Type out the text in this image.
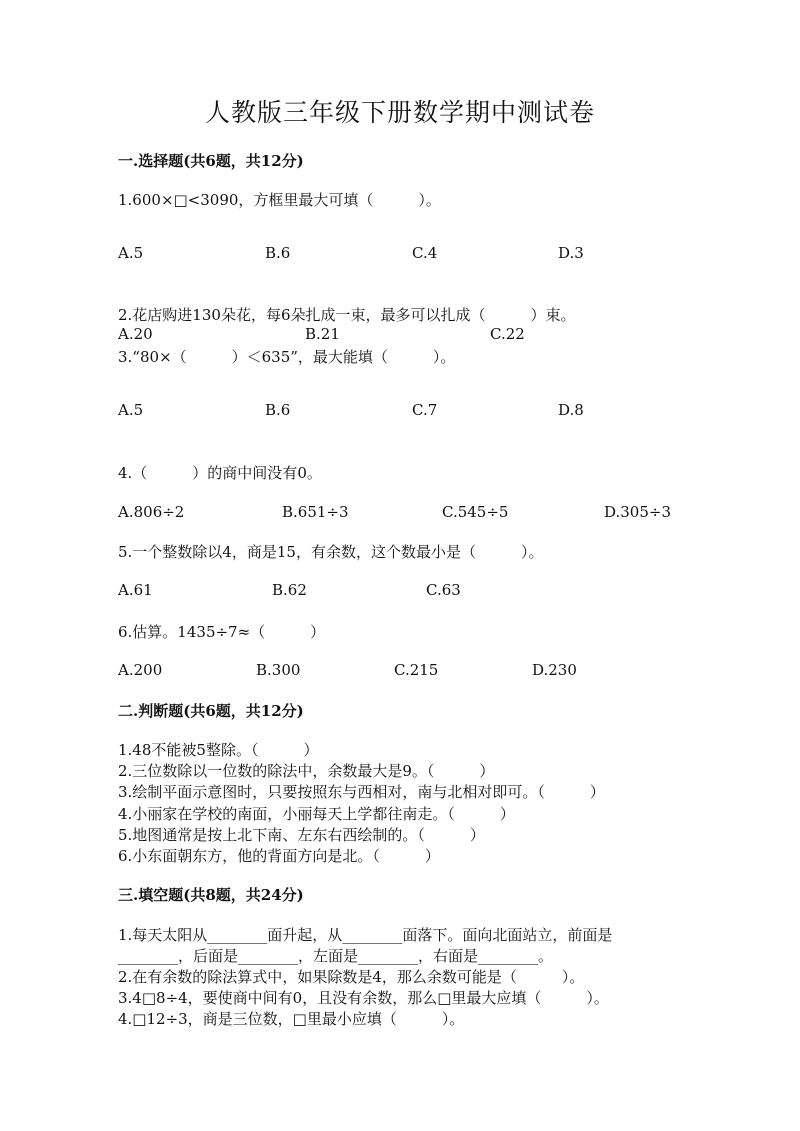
人教版三年级下册数学期中测试卷
一.选择题(共6题，共12分)
1.600×□<3090，方框里最大可填（　　　）。
A.5	B.6	C.4	D.3
2.花店购进130朵花，每6朵扎成一束，最多可以扎成（　　　）束。
A.20	B.21	C.22
3.“80×（　　　）＜635”，最大能填（　　　）。
A.5	B.6	C.7	D.8
4.（　　　）的商中间没有0。
A.806÷2	B.651÷3	C.545÷5	D.305÷3
5.一个整数除以4，商是15，有余数，这个数最小是（　　　）。
A.61	B.62	C.63
6.估算。1435÷7≈（　　　）
A.200	B.300	C.215	D.230
二.判断题(共6题，共12分)
1.48不能被5整除。（　　　）
2.三位数除以一位数的除法中，余数最大是9。（　　　）
3.绘制平面示意图时，只要按照东与西相对，南与北相对即可。（　　　）
4.小丽家在学校的南面，小丽每天上学都往南走。（　　　）
5.地图通常是按上北下南、左东右西绘制的。（　　　）
6.小东面朝东方，他的背面方向是北。（　　　）
三.填空题(共8题，共24分)
1.每天太阳从________面升起，从________面落下。面向北面站立，前面是
________，后面是________，左面是________，右面是________。
2.在有余数的除法算式中，如果除数是4，那么余数可能是（　　　）。
3.4□8÷4，要使商中间有0，且没有余数，那么□里最大应填（　　　）。
4.□12÷3，商是三位数，□里最小应填（　　　）。
